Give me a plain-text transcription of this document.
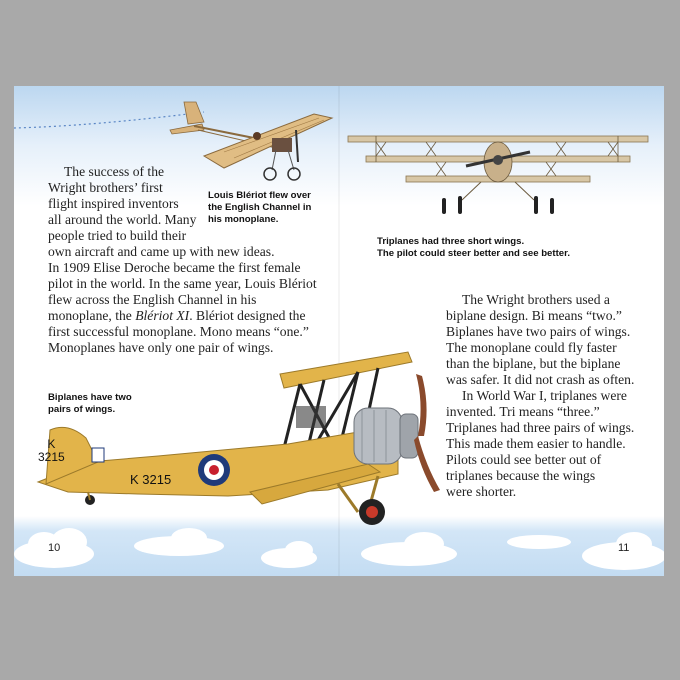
Louis Blériot flew over
the English Channel in
his monoplane.

The success of the
Wright brothers’ first
flight inspired inventors
all around the world. Many
people tried to build their
own aircraft and came up with new ideas.
In 1909 Elise Deroche became the first female
pilot in the world. In the same year, Louis Blériot
flew across the English Channel in his
monoplane, the Blériot XI. Blériot designed the
first successful monoplane. Mono means “one.”
Monoplanes have only one pair of wings.

Triplanes had three short wings.
The pilot could steer better and see better.

The Wright brothers used a
biplane design. Bi means “two.”
Biplanes have two pairs of wings.
The monoplane could fly faster
than the biplane, but the biplane
was safer. It did not crash as often.

In World War I, triplanes were
invented. Tri means “three.”
Triplanes had three pairs of wings.
This made them easier to handle.
Pilots could see better out of
triplanes because the wings
were shorter.

Biplanes have two
pairs of wings.

K
3215
K 3215
10	11
